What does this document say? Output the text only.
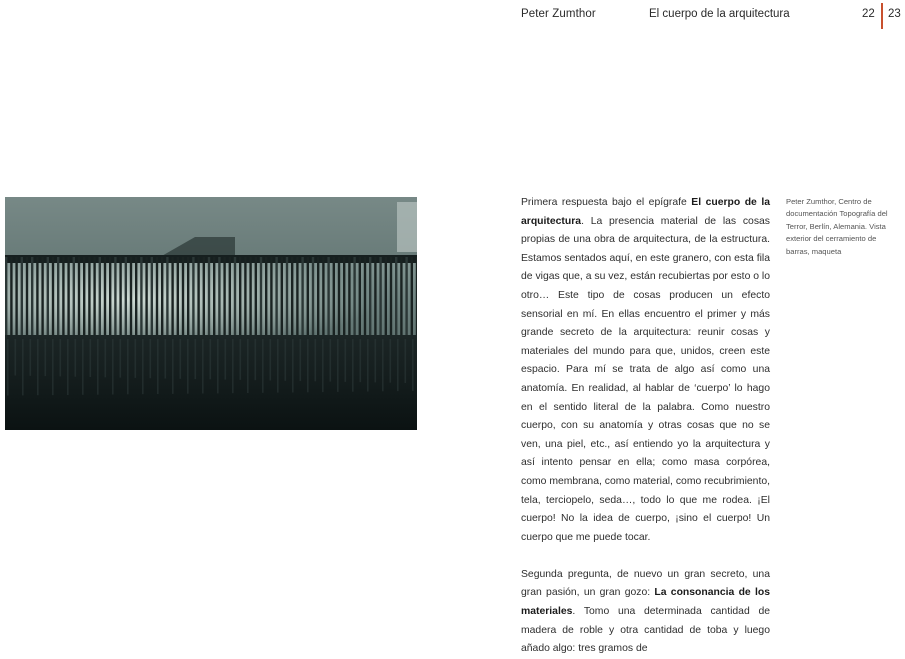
Peter Zumthor	El cuerpo de la arquitectura	22 23

Primera respuesta bajo el epígrafe El cuerpo de la arquitectura. La presencia material de las cosas propias de una obra de arquitectura, de la estructura. Estamos sentados aquí, en este granero, con esta fila de vigas que, a su vez, están recubiertas por esto o lo otro… Este tipo de cosas producen un efecto sensorial en mí. En ellas encuentro el primer y más grande secreto de la arquitectura: reunir cosas y materiales del mundo para que, unidos, creen este espacio. Para mí se trata de algo así como una anatomía. En realidad, al hablar de ‘cuerpo’ lo hago en el sentido literal de la palabra. Como nuestro cuerpo, con su anatomía y otras cosas que no se ven, una piel, etc., así entiendo yo la arquitectura y así intento pensar en ella; como masa corpórea, como membrana, como material, como recubrimiento, tela, terciopelo, seda…, todo lo que me rodea. ¡El cuerpo! No la idea de cuerpo, ¡sino el cuerpo! Un cuerpo que me puede tocar.

Segunda pregunta, de nuevo un gran secreto, una gran pasión, un gran gozo: La consonancia de los materiales. Tomo una determinada cantidad de madera de roble y otra cantidad de toba y luego añado algo: tres gramos de

Peter Zumthor, Centro de documentación Topografía del Terror, Berlín, Alemania. Vista exterior del cerramiento de barras, maqueta
